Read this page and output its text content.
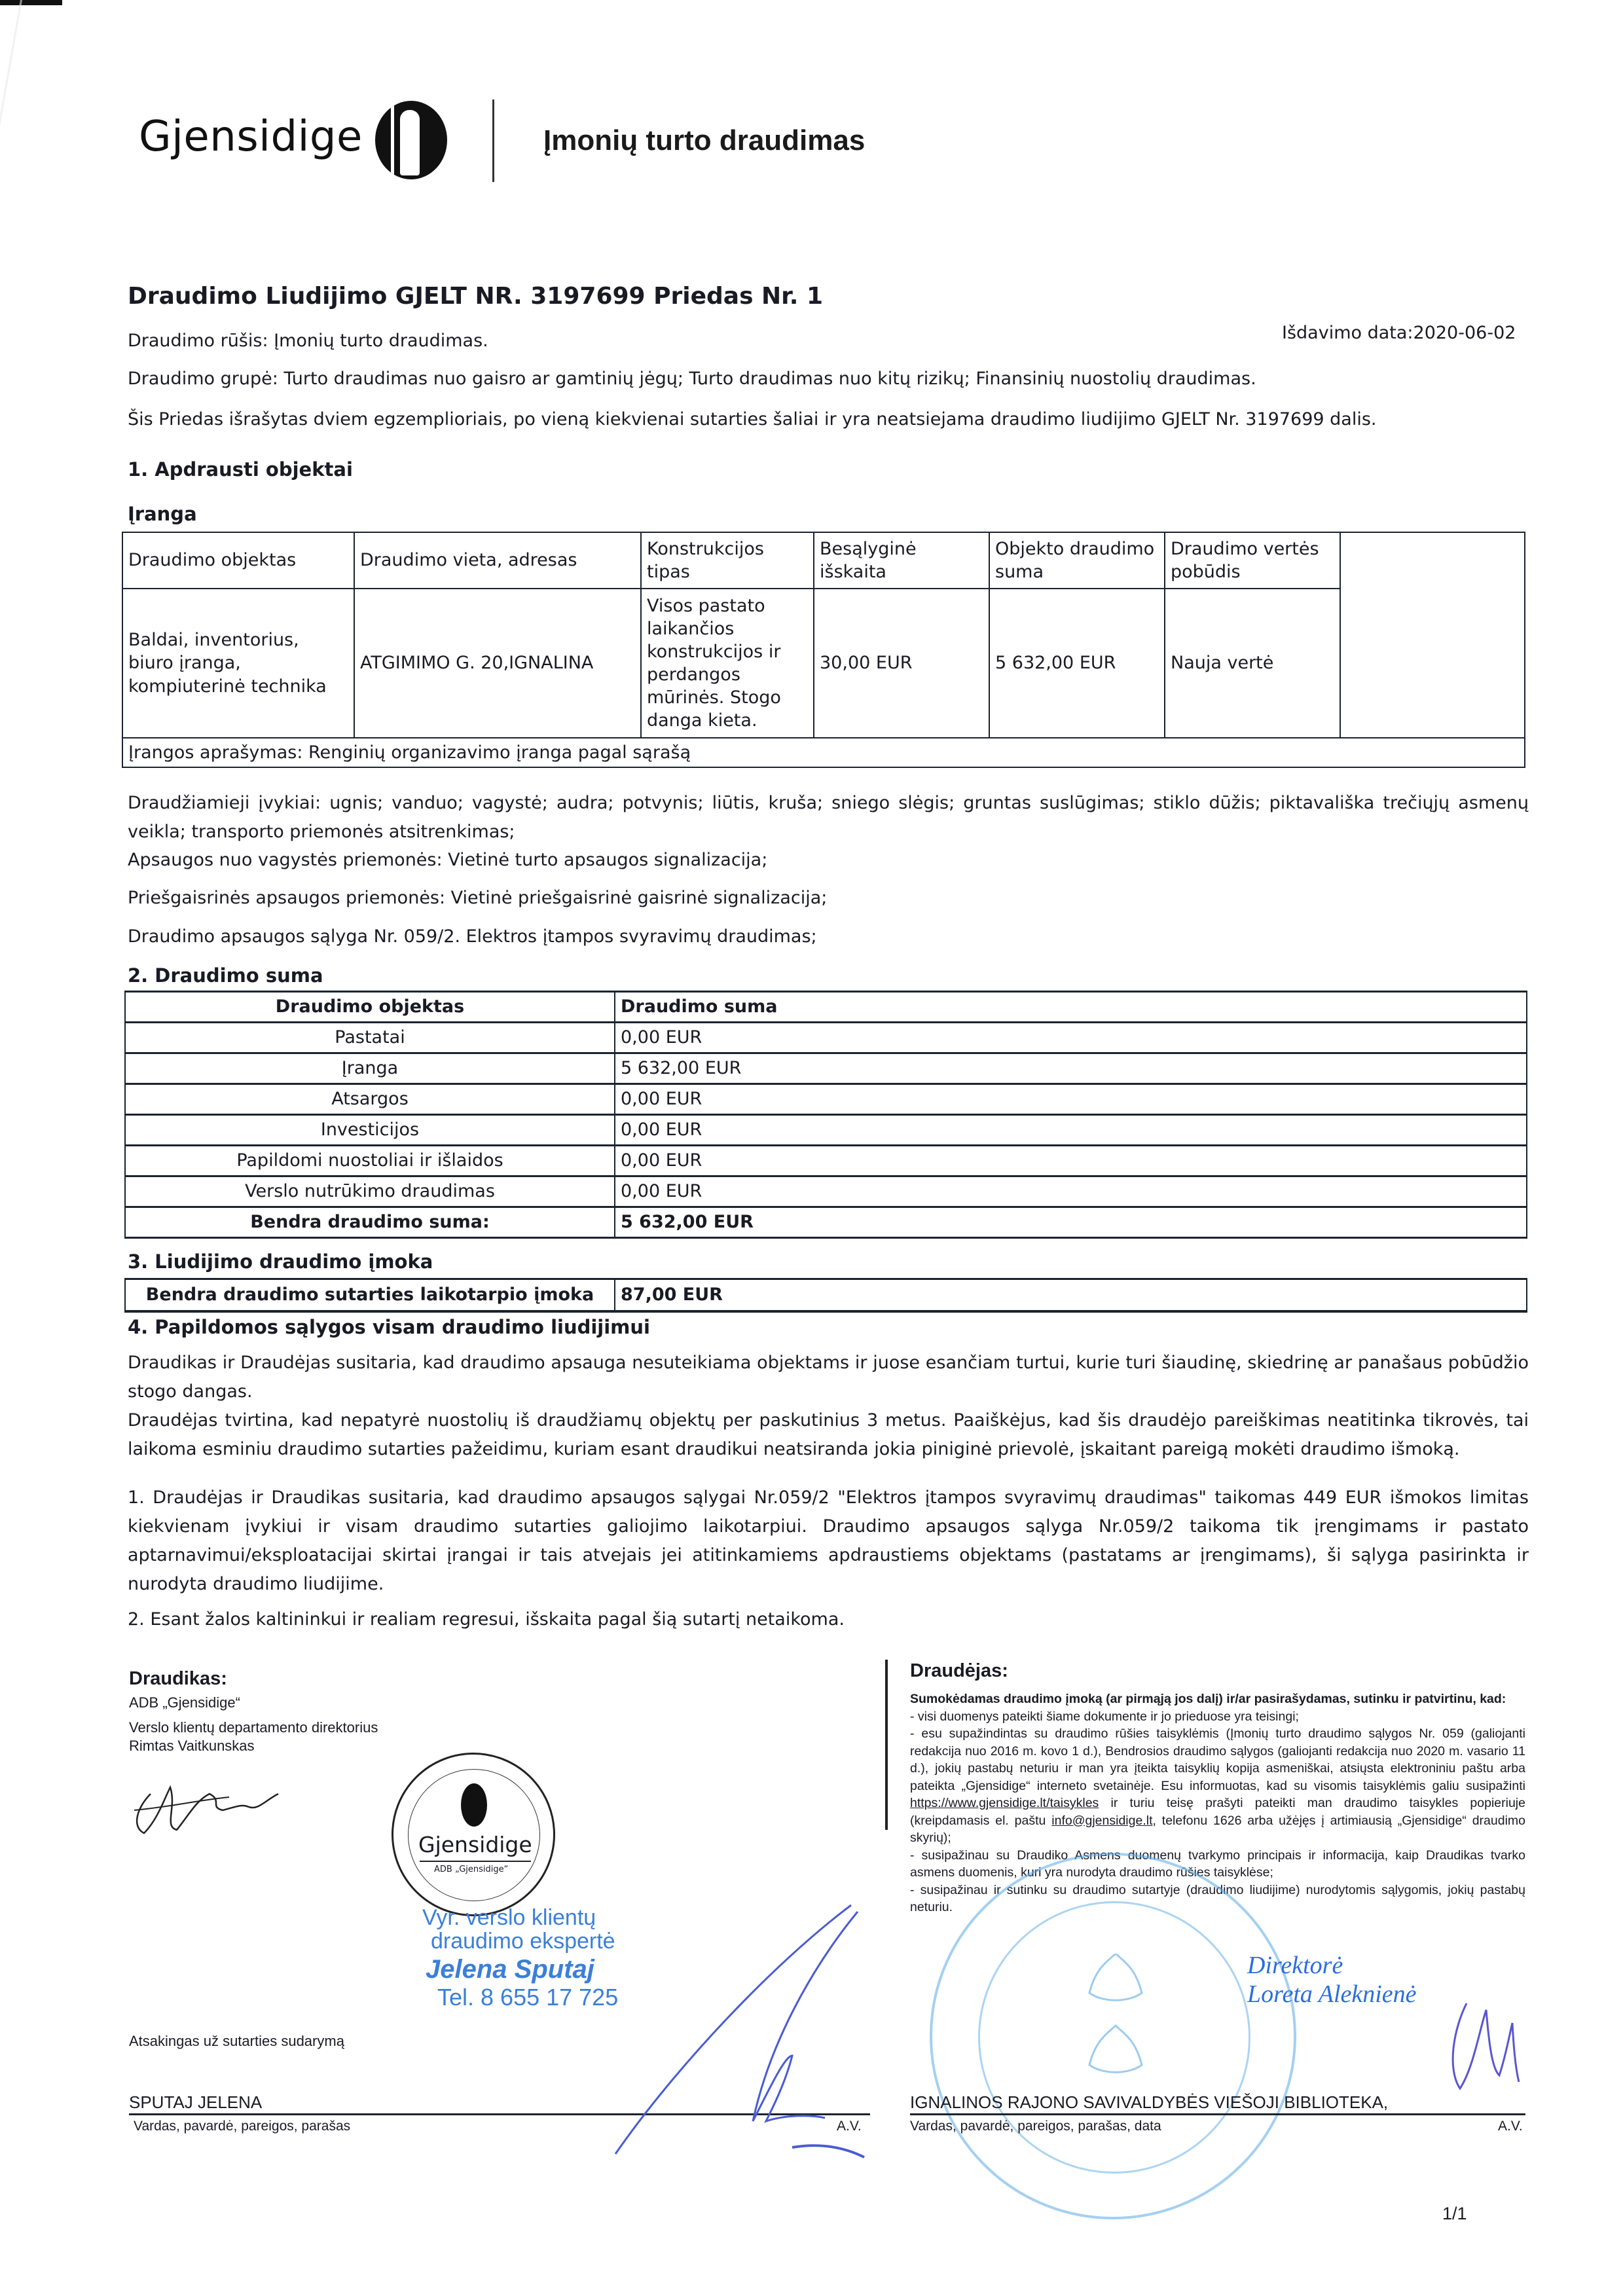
Gjensidige	Įmonių turto draudimas
Draudimo Liudijimo GJELT NR. 3197699 Priedas Nr. 1
Draudimo rūšis: Įmonių turto draudimas.	Išdavimo data:2020-06-02
Draudimo grupė: Turto draudimas nuo gaisro ar gamtinių jėgų; Turto draudimas nuo kitų rizikų; Finansinių nuostolių draudimas.
Šis Priedas išrašytas dviem egzemplioriais, po vieną kiekvienai sutarties šaliai ir yra neatsiejama draudimo liudijimo GJELT Nr. 3197699 dalis.
1. Apdrausti objektai
Įranga
Draudimo objektas	Draudimo vieta, adresas	Konstrukcijos tipas	Besąlyginė išskaita	Objekto draudimo suma	Draudimo vertės pobūdis	
Baldai, inventorius, biuro įranga, kompiuterinė technika	ATGIMIMO G. 20,IGNALINA	Visos pastato laikančios konstrukcijos ir perdangos mūrinės. Stogo danga kieta.	30,00 EUR	5 632,00 EUR	Nauja vertė	
Įrangos aprašymas: Renginių organizavimo įranga pagal sąrašą						
Draudžiamieji įvykiai: ugnis; vanduo; vagystė; audra; potvynis; liūtis, kruša; sniego slėgis; gruntas suslūgimas; stiklo dūžis; piktavališka trečiųjų asmenų veikla; transporto priemonės atsitrenkimas;
Apsaugos nuo vagystės priemonės: Vietinė turto apsaugos signalizacija;
Priešgaisrinės apsaugos priemonės: Vietinė priešgaisrinė gaisrinė signalizacija;
Draudimo apsaugos sąlyga Nr. 059/2. Elektros įtampos svyravimų draudimas;
2. Draudimo suma
Draudimo objektas	Draudimo suma
Pastatai	0,00 EUR
Įranga	5 632,00 EUR
Atsargos	0,00 EUR
Investicijos	0,00 EUR
Papildomi nuostoliai ir išlaidos	0,00 EUR
Verslo nutrūkimo draudimas	0,00 EUR
Bendra draudimo suma:	5 632,00 EUR
3. Liudijimo draudimo įmoka
Bendra draudimo sutarties laikotarpio įmoka	87,00 EUR
4. Papildomos sąlygos visam draudimo liudijimui
Draudikas ir Draudėjas susitaria, kad draudimo apsauga nesuteikiama objektams ir juose esančiam turtui, kurie turi šiaudinę, skiedrinę ar panašaus pobūdžio stogo dangas.
Draudėjas tvirtina, kad nepatyrė nuostolių iš draudžiamų objektų per paskutinius 3 metus. Paaiškėjus, kad šis draudėjo pareiškimas neatitinka tikrovės, tai laikoma esminiu draudimo sutarties pažeidimu, kuriam esant draudikui neatsiranda jokia piniginė prievolė, įskaitant pareigą mokėti draudimo išmoką.
1. Draudėjas ir Draudikas susitaria, kad draudimo apsaugos sąlygai Nr.059/2 "Elektros įtampos svyravimų draudimas" taikomas 449 EUR išmokos limitas kiekvienam įvykiui ir visam draudimo sutarties galiojimo laikotarpiui. Draudimo apsaugos sąlyga Nr.059/2 taikoma tik įrengimams ir pastato aptarnavimui/eksploatacijai skirtai įrangai ir tais atvejais jei atitinkamiems apdraustiems objektams (pastatams ar įrengimams), ši sąlyga pasirinkta ir nurodyta draudimo liudijime.
2. Esant žalos kaltininkui ir realiam regresui, išskaita pagal šią sutartį netaikoma.
Draudikas:
ADB „Gjensidige“
Verslo klientų departamento direktorius
Rimtas Vaitkunskas
Gjensidige
ADB „Gjensidige“
Vyr. verslo klientų
draudimo ekspertė
Jelena Sputaj
Tel. 8 655 17 725
Atsakingas už sutarties sudarymą
SPUTAJ JELENA
Vardas, pavardė, pareigos, parašas	A.V.
Draudėjas:
Sumokėdamas draudimo įmoką (ar pirmąją jos dalį) ir/ar pasirašydamas, sutinku ir patvirtinu, kad:
- visi duomenys pateikti šiame dokumente ir jo prieduose yra teisingi;
- esu supažindintas su draudimo rūšies taisyklėmis (Įmonių turto draudimo sąlygos Nr. 059 (galiojanti redakcija nuo 2016 m. kovo 1 d.), Bendrosios draudimo sąlygos (galiojanti redakcija nuo 2020 m. vasario 11 d.), jokių pastabų neturiu ir man yra įteikta taisyklių kopija asmeniškai, atsiųsta elektroniniu paštu arba pateikta „Gjensidige“ interneto svetainėje. Esu informuotas, kad su visomis taisyklėmis galiu susipažinti https://www.gjensidige.lt/taisykles ir turiu teisę prašyti pateikti man draudimo taisykles popieriuje (kreipdamasis el. paštu info@gjensidige.lt, telefonu 1626 arba užėjęs į artimiausią „Gjensidige“ draudimo skyrių);
- susipažinau su Draudiko Asmens duomenų tvarkymo principais ir informacija, kaip Draudikas tvarko asmens duomenis, kuri yra nurodyta draudimo rūšies taisyklėse;
- susipažinau ir sutinku su draudimo sutartyje (draudimo liudijime) nurodytomis sąlygomis, jokių pastabų neturiu.
Direktorė
Loreta Aleknienė
IGNALINOS RAJONO SAVIVALDYBĖS VIEŠOJI BIBLIOTEKA,
Vardas, pavardė, pareigos, parašas, data	A.V.
1/1
